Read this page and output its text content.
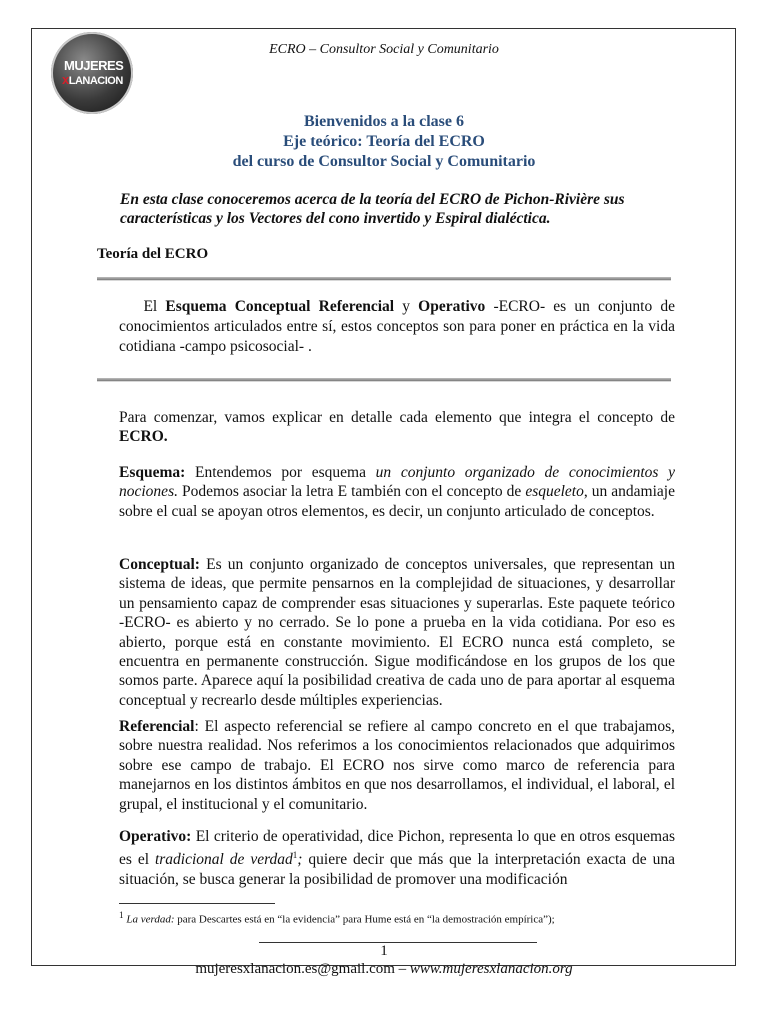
MUJERES
xLANACION
ECRO – Consultor Social y Comunitario
Bienvenidos a la clase 6
Eje teórico: Teoría del ECRO
del curso de Consultor Social y Comunitario
En esta clase conoceremos acerca de la teoría del ECRO de Pichon-Rivière sus características y los Vectores del cono invertido y Espiral dialéctica.
Teoría del ECRO
El Esquema Conceptual Referencial y Operativo -ECRO- es un conjunto de conocimientos articulados entre sí, estos conceptos son para poner en práctica en la vida cotidiana -campo psicosocial- .
Para comenzar, vamos explicar en detalle cada elemento que integra el concepto de ECRO.
Esquema: Entendemos por esquema un conjunto organizado de conocimientos y nociones. Podemos asociar la letra E también con el concepto de esqueleto, un andamiaje sobre el cual se apoyan otros elementos, es decir, un conjunto articulado de conceptos.
Conceptual: Es un conjunto organizado de conceptos universales, que representan un sistema de ideas, que permite pensarnos en la complejidad de situaciones, y desarrollar un pensamiento capaz de comprender esas situaciones y superarlas. Este paquete teórico -ECRO- es abierto y no cerrado. Se lo pone a prueba en la vida cotidiana. Por eso es abierto, porque está en constante movimiento. El ECRO nunca está completo, se encuentra en permanente construcción. Sigue modificándose en los grupos de los que somos parte. Aparece aquí la posibilidad creativa de cada uno de para aportar al esquema conceptual y recrearlo desde múltiples experiencias.
Referencial: El aspecto referencial se refiere al campo concreto en el que trabajamos, sobre nuestra realidad. Nos referimos a los conocimientos relacionados que adquirimos sobre ese campo de trabajo. El ECRO nos sirve como marco de referencia para manejarnos en los distintos ámbitos en que nos desarrollamos, el individual, el laboral, el grupal, el institucional y el comunitario.
Operativo: El criterio de operatividad, dice Pichon, representa lo que en otros esquemas es el tradicional de verdad$^1$; quiere decir que más que la interpretación exacta de una situación, se busca generar la posibilidad de promover una modificación
$^1$ La verdad: para Descartes está en “la evidencia” para Hume está en “la demostración empírica”);
1
mujeresxlanacion.es@gmail.com – www.mujeresxlanacion.org
